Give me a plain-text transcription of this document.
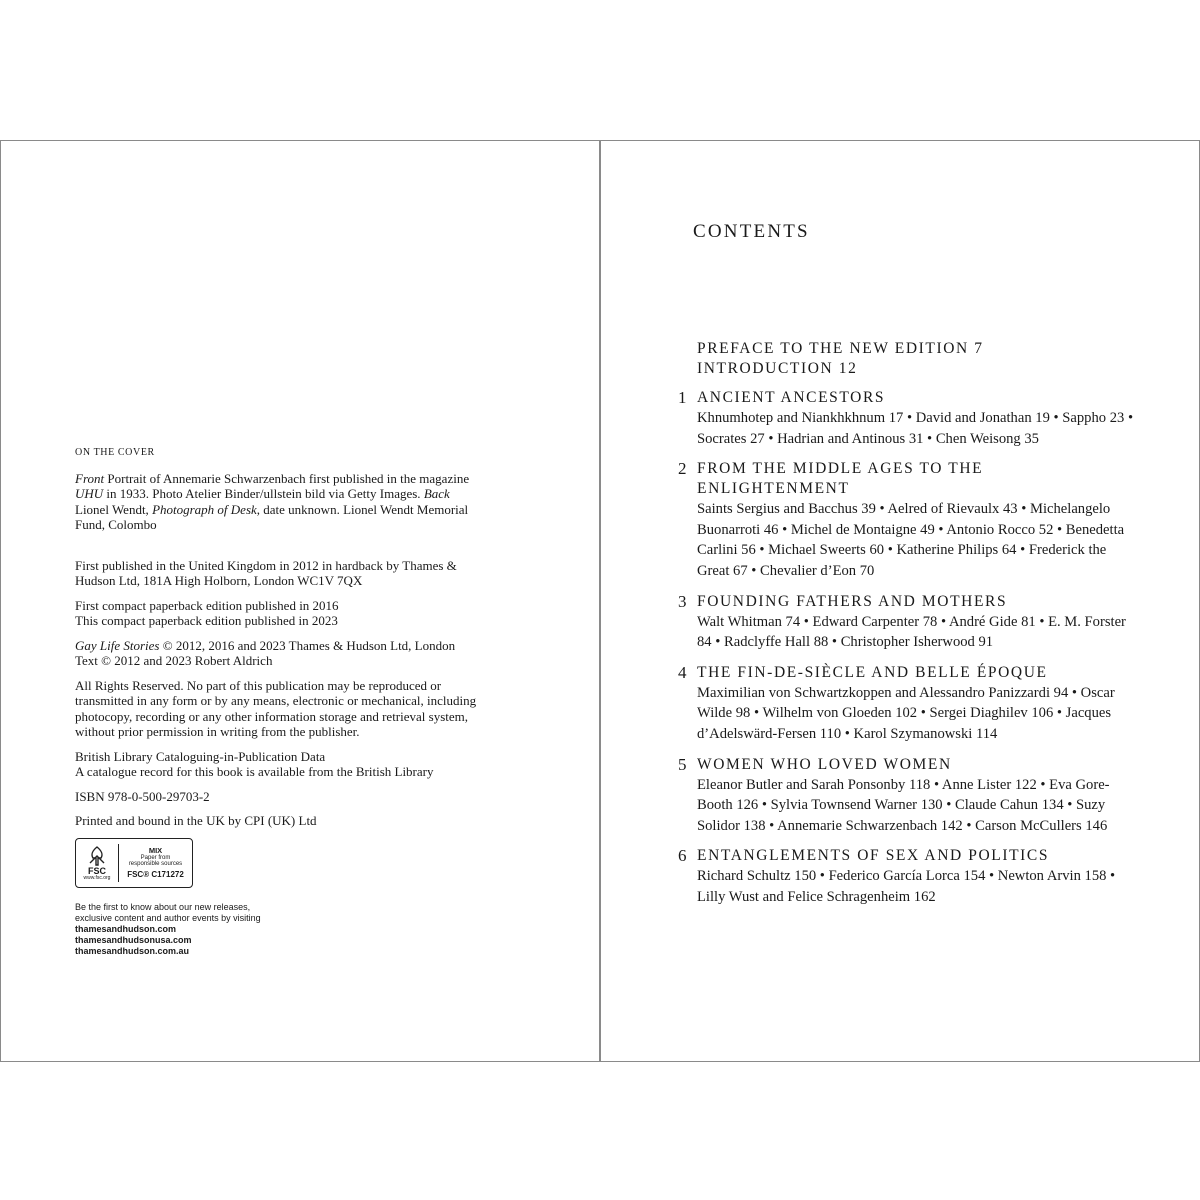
ON THE COVER

Front Portrait of Annemarie Schwarzenbach first published in the magazine UHU in 1933. Photo Atelier Binder/ullstein bild via Getty Images. Back Lionel Wendt, Photograph of Desk, date unknown. Lionel Wendt Memorial Fund, Colombo

First published in the United Kingdom in 2012 in hardback by Thames & Hudson Ltd, 181A High Holborn, London WC1V 7QX

First compact paperback edition published in 2016
This compact paperback edition published in 2023

Gay Life Stories © 2012, 2016 and 2023 Thames & Hudson Ltd, London
Text © 2012 and 2023 Robert Aldrich

All Rights Reserved. No part of this publication may be reproduced or transmitted in any form or by any means, electronic or mechanical, including photocopy, recording or any other information storage and retrieval system, without prior permission in writing from the publisher.

British Library Cataloguing-in-Publication Data
A catalogue record for this book is available from the British Library

ISBN 978-0-500-29703-2

Printed and bound in the UK by CPI (UK) Ltd

FSC
www.fsc.org
MIX
Paper from responsible sources
FSC® C171272
Be the first to know about our new releases, exclusive content and author events by visiting
thamesandhudson.com
thamesandhudsonusa.com
thamesandhudson.com.au
CONTENTS
PREFACE TO THE NEW EDITION 7
INTRODUCTION 12
1 ANCIENT ANCESTORS
Khnumhotep and Niankhkhnum 17 • David and Jonathan 19 • Sappho 23 • Socrates 27 • Hadrian and Antinous 31 • Chen Weisong 35
2 FROM THE MIDDLE AGES TO THE ENLIGHTENMENT
Saints Sergius and Bacchus 39 • Aelred of Rievaulx 43 • Michelangelo Buonarroti 46 • Michel de Montaigne 49 • Antonio Rocco 52 • Benedetta Carlini 56 • Michael Sweerts 60 • Katherine Philips 64 • Frederick the Great 67 • Chevalier d’Eon 70
3 FOUNDING FATHERS AND MOTHERS
Walt Whitman 74 • Edward Carpenter 78 • André Gide 81 • E. M. Forster 84 • Radclyffe Hall 88 • Christopher Isherwood 91
4 THE FIN-DE-SIÈCLE AND BELLE ÉPOQUE
Maximilian von Schwartzkoppen and Alessandro Panizzardi 94 • Oscar Wilde 98 • Wilhelm von Gloeden 102 • Sergei Diaghilev 106 • Jacques d’Adelswärd-Fersen 110 • Karol Szymanowski 114
5 WOMEN WHO LOVED WOMEN
Eleanor Butler and Sarah Ponsonby 118 • Anne Lister 122 • Eva Gore-Booth 126 • Sylvia Townsend Warner 130 • Claude Cahun 134 • Suzy Solidor 138 • Annemarie Schwarzenbach 142 • Carson McCullers 146
6 ENTANGLEMENTS OF SEX AND POLITICS
Richard Schultz 150 • Federico García Lorca 154 • Newton Arvin 158 • Lilly Wust and Felice Schragenheim 162
